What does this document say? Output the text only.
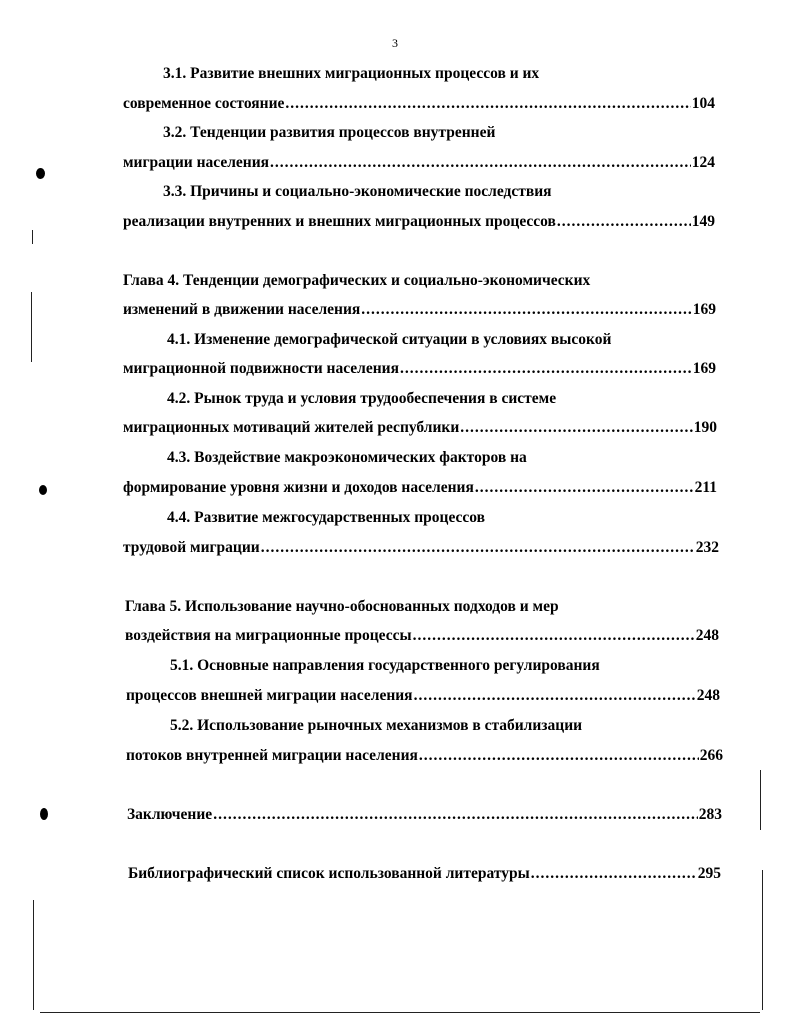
3
3.1. Развитие внешних миграционных процессов и их
современное состояние .....	104
3.2. Тенденции развития процессов внутренней
миграции населения .....	124
3.3. Причины и социально-экономические последствия
реализации внутренних и внешних миграционных процессов .....	149
Глава 4. Тенденции демографических и социально-экономических
изменений в движении населения .....	169
4.1. Изменение демографической ситуации в условиях высокой
миграционной подвижности населения .....	169
4.2. Рынок труда и условия трудообеспечения в системе
миграционных мотиваций жителей республики .....	190
4.3. Воздействие макроэкономических факторов на
формирование уровня жизни и доходов населения .....	211
4.4. Развитие межгосударственных процессов
трудовой миграции .....	232
Глава 5. Использование научно-обоснованных подходов и мер
воздействия на миграционные процессы .....	248
5.1. Основные направления государственного регулирования
процессов внешней миграции населения .....	248
5.2. Использование рыночных механизмов в стабилизации
потоков внутренней миграции населения .....	266
Заключение .....	283
Библиографический список использованной литературы .....	295
